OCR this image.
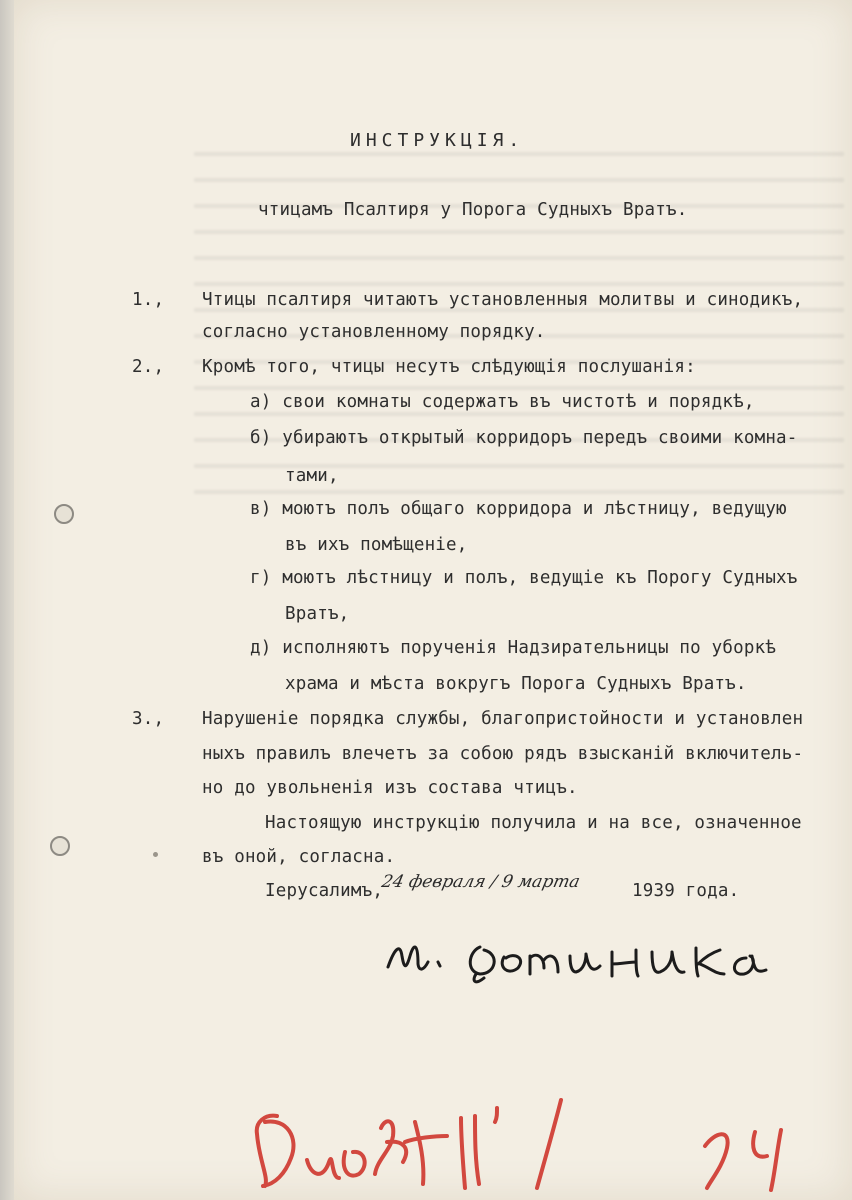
ИНСТРУКЦІЯ.
чтицамъ Псалтиря у Порога Судныхъ Вратъ.
1., Чтицы псалтиря читаютъ установленныя молитвы и синодикъ,
согласно установленному порядку.
2., Кромѣ того, чтицы несутъ слѣдующія послушанія:
а) свои комнаты содержатъ въ чистотѣ и порядкѣ,
б) убираютъ открытый корридоръ передъ своими комна-
тами,
в) моютъ полъ общаго корридора и лѣстницу, ведущую
въ ихъ помѣщеніе,
г) моютъ лѣстницу и полъ, ведущіе къ Порогу Судныхъ
Вратъ,
д) исполняютъ порученія Надзирательницы по уборкѣ
храма и мѣста вокругъ Порога Судныхъ Вратъ.
3., Нарушеніе порядка службы, благопристойности и установлен
ныхъ правилъ влечетъ за собою рядъ взысканій включитель-
но до увольненія изъ состава чтицъ.
Настоящую инструкцію получила и на все, означенное
въ оной, согласна.
Іерусалимъ,
24 февраля / 9 марта	1939 года.
